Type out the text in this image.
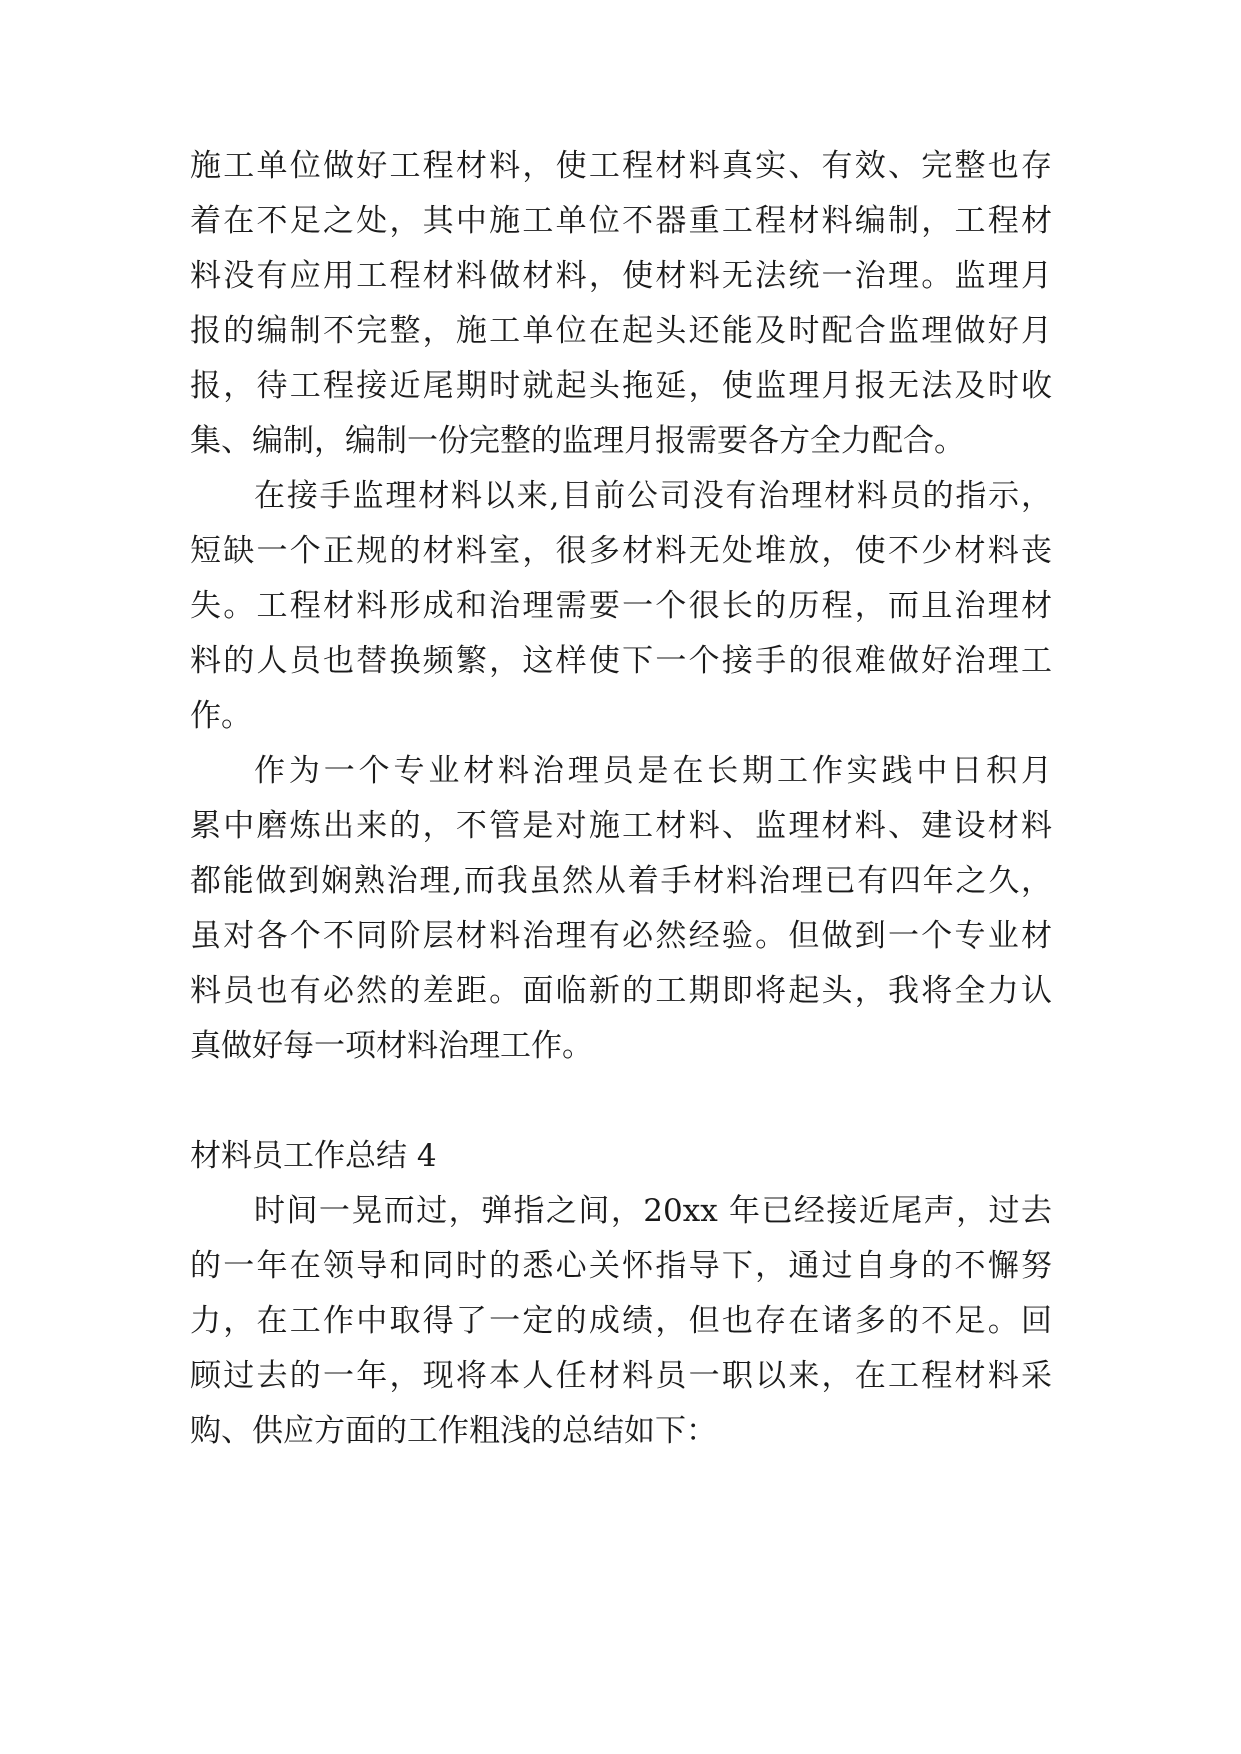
施工单位做好工程材料，使工程材料真实、有效、完整也存
着在不足之处，其中施工单位不器重工程材料编制，工程材
料没有应用工程材料做材料，使材料无法统一治理。监理月
报的编制不完整，施工单位在起头还能及时配合监理做好月
报，待工程接近尾期时就起头拖延，使监理月报无法及时收
集、编制，编制一份完整的监理月报需要各方全力配合。
在接手监理材料以来,目前公司没有治理材料员的指示，
短缺一个正规的材料室，很多材料无处堆放，使不少材料丧
失。工程材料形成和治理需要一个很长的历程，而且治理材
料的人员也替换频繁，这样使下一个接手的很难做好治理工
作。
作为一个专业材料治理员是在长期工作实践中日积月
累中磨炼出来的，不管是对施工材料、监理材料、建设材料
都能做到娴熟治理,而我虽然从着手材料治理已有四年之久，
虽对各个不同阶层材料治理有必然经验。但做到一个专业材
料员也有必然的差距。面临新的工期即将起头，我将全力认
真做好每一项材料治理工作。
材料员工作总结 4
时间一晃而过，弹指之间，20xx 年已经接近尾声，过去
的一年在领导和同时的悉心关怀指导下，通过自身的不懈努
力，在工作中取得了一定的成绩，但也存在诸多的不足。回
顾过去的一年，现将本人任材料员一职以来，在工程材料采
购、供应方面的工作粗浅的总结如下：
